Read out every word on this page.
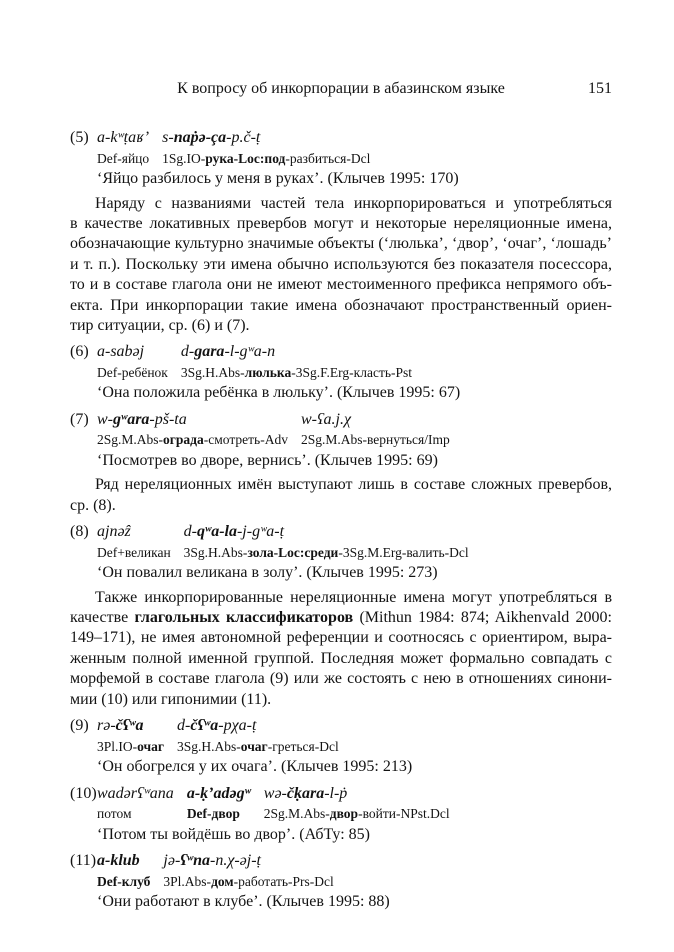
К вопросу об инкорпорации в абазинском языке	151
(5) a-kʷṭaʁ’
Def-яйцо
s-naṗə-ça-p.č-ṭ
1Sg.IO-рука-Loc:под-разбиться-Dcl
‘Яйцо разбилось у меня в руках’. (Клычев 1995: 170)
Наряду с названиями частей тела инкорпорироваться и употребляться
в качестве локативных превербов могут и некоторые нереляционные имена,
обозначающие культурно значимые объекты (‘люлька’, ‘двор’, ‘очаг’, ‘лошадь’
и т. п.). Поскольку эти имена обычно используются без показателя посессора,
то и в составе глагола они не имеют местоименного префикса непрямого объ-
екта. При инкорпорации такие имена обозначают пространственный ориен-
тир ситуации, ср. (6) и (7).
(6) a-sabəj
Def-ребёнок
d-gara-l-gʷa-n
3Sg.H.Abs-люлька-3Sg.F.Erg-класть-Pst
‘Она положила ребёнка в люльку’. (Клычев 1995: 67)
(7) w-gʷara-pš-ta
2Sg.M.Abs-ограда-смотреть-Adv
w-ʕa.j.χ
2Sg.M.Abs-вернуться/Imp
‘Посмотрев во дворе, вернись’. (Клычев 1995: 69)
Ряд нереляционных имён выступают лишь в составе сложных превербов,
ср. (8).
(8) ajnəẑ
Def+великан
d-qʷa-la-j-gʷa-ṭ
3Sg.H.Abs-зола-Loc:среди-3Sg.M.Erg-валить-Dcl
‘Он повалил великана в золу’. (Клычев 1995: 273)
Также инкорпорированные нереляционные имена могут употребляться в
качестве глагольных классификаторов (Mithun 1984: 874; Aikhenvald 2000:
149–171), не имея автономной референции и соотносясь с ориентиром, выра-
женным полной именной группой. Последняя может формально совпадать с
морфемой в составе глагола (9) или же состоять с нею в отношениях синони-
мии (10) или гипонимии (11).
(9) rə-čʕʷa
3Pl.IO-очаг
d-čʕʷa-pχa-ṭ
3Sg.H.Abs-очаг-греться-Dcl
‘Он обогрелся у их очага’. (Клычев 1995: 213)
(10) wadərʕʷana
потом
a-ḳ’adəgʷ
Def-двор
wə-čḳara-l-ṗ
2Sg.M.Abs-двор-войти-NPst.Dcl
‘Потом ты войдёшь во двор’. (АбТу: 85)
(11) a-klub
Def-клуб
jə-ʕʷna-n.χ-əj-ṭ
3Pl.Abs-дом-работать-Prs-Dcl
‘Они работают в клубе’. (Клычев 1995: 88)
